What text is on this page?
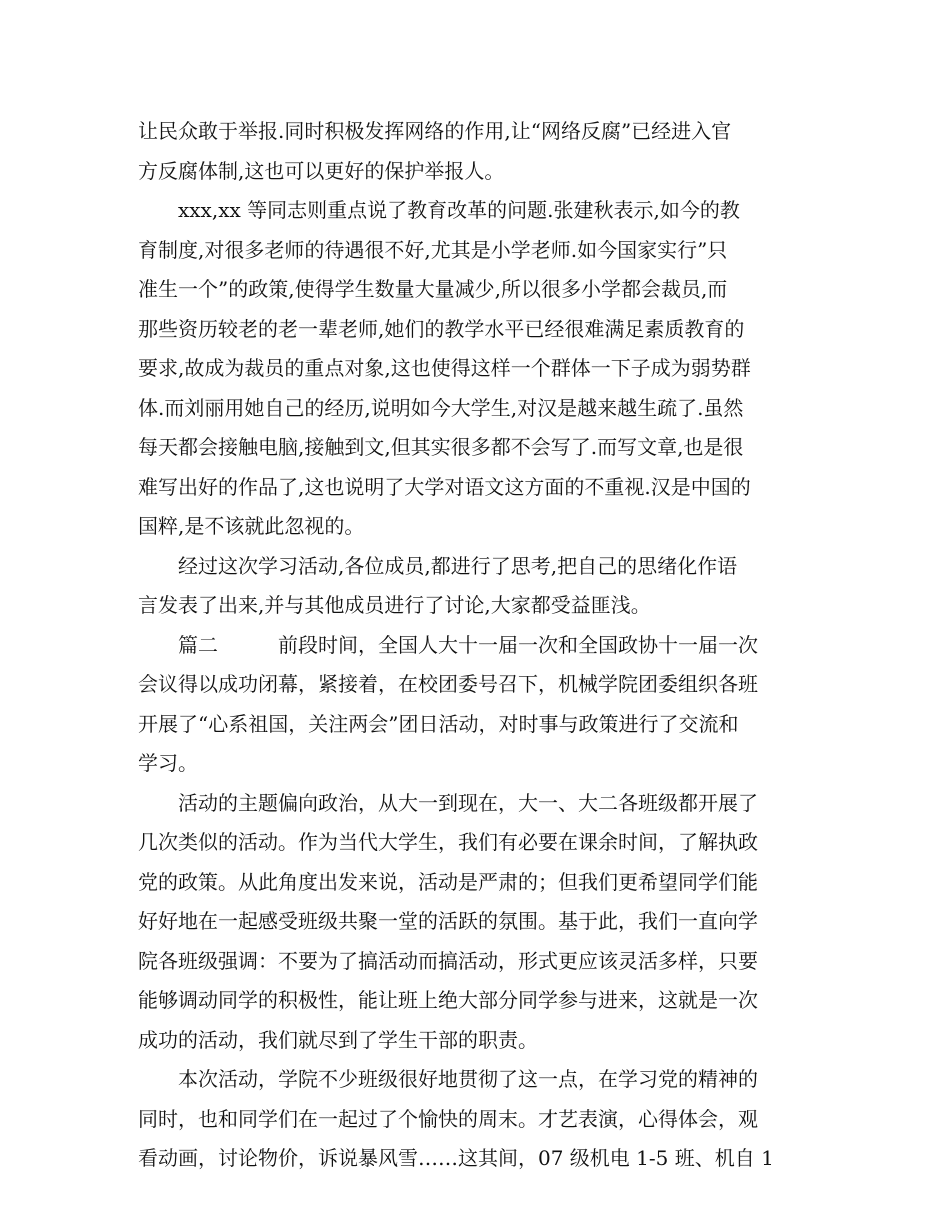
让民众敢于举报.同时积极发挥网络的作用,让“网络反腐”已经进入官
方反腐体制,这也可以更好的保护举报人。
　　xxx,xx 等同志则重点说了教育改革的问题.张建秋表示,如今的教
育制度,对很多老师的待遇很不好,尤其是小学老师.如今国家实行”只
准生一个”的政策,使得学生数量大量减少,所以很多小学都会裁员,而
那些资历较老的老一辈老师,她们的教学水平已经很难满足素质教育的
要求,故成为裁员的重点对象,这也使得这样一个群体一下子成为弱势群
体.而刘丽用她自己的经历,说明如今大学生,对汉是越来越生疏了.虽然
每天都会接触电脑,接触到文,但其实很多都不会写了.而写文章,也是很
难写出好的作品了,这也说明了大学对语文这方面的不重视.汉是中国的
国粹,是不该就此忽视的。
　　经过这次学习活动,各位成员,都进行了思考,把自己的思绪化作语
言发表了出来,并与其他成员进行了讨论,大家都受益匪浅。
　　篇二　　　前段时间，全国人大十一届一次和全国政协十一届一次
会议得以成功闭幕，紧接着，在校团委号召下，机械学院团委组织各班
开展了“心系祖国，关注两会”团日活动，对时事与政策进行了交流和
学习。
　　活动的主题偏向政治，从大一到现在，大一、大二各班级都开展了
几次类似的活动。作为当代大学生，我们有必要在课余时间，了解执政
党的政策。从此角度出发来说，活动是严肃的；但我们更希望同学们能
好好地在一起感受班级共聚一堂的活跃的氛围。基于此，我们一直向学
院各班级强调：不要为了搞活动而搞活动，形式更应该灵活多样，只要
能够调动同学的积极性，能让班上绝大部分同学参与进来，这就是一次
成功的活动，我们就尽到了学生干部的职责。
　　本次活动，学院不少班级很好地贯彻了这一点，在学习党的精神的
同时，也和同学们在一起过了个愉快的周末。才艺表演，心得体会，观
看动画，讨论物价，诉说暴风雪……这其间，07 级机电 1-5 班、机自 1
